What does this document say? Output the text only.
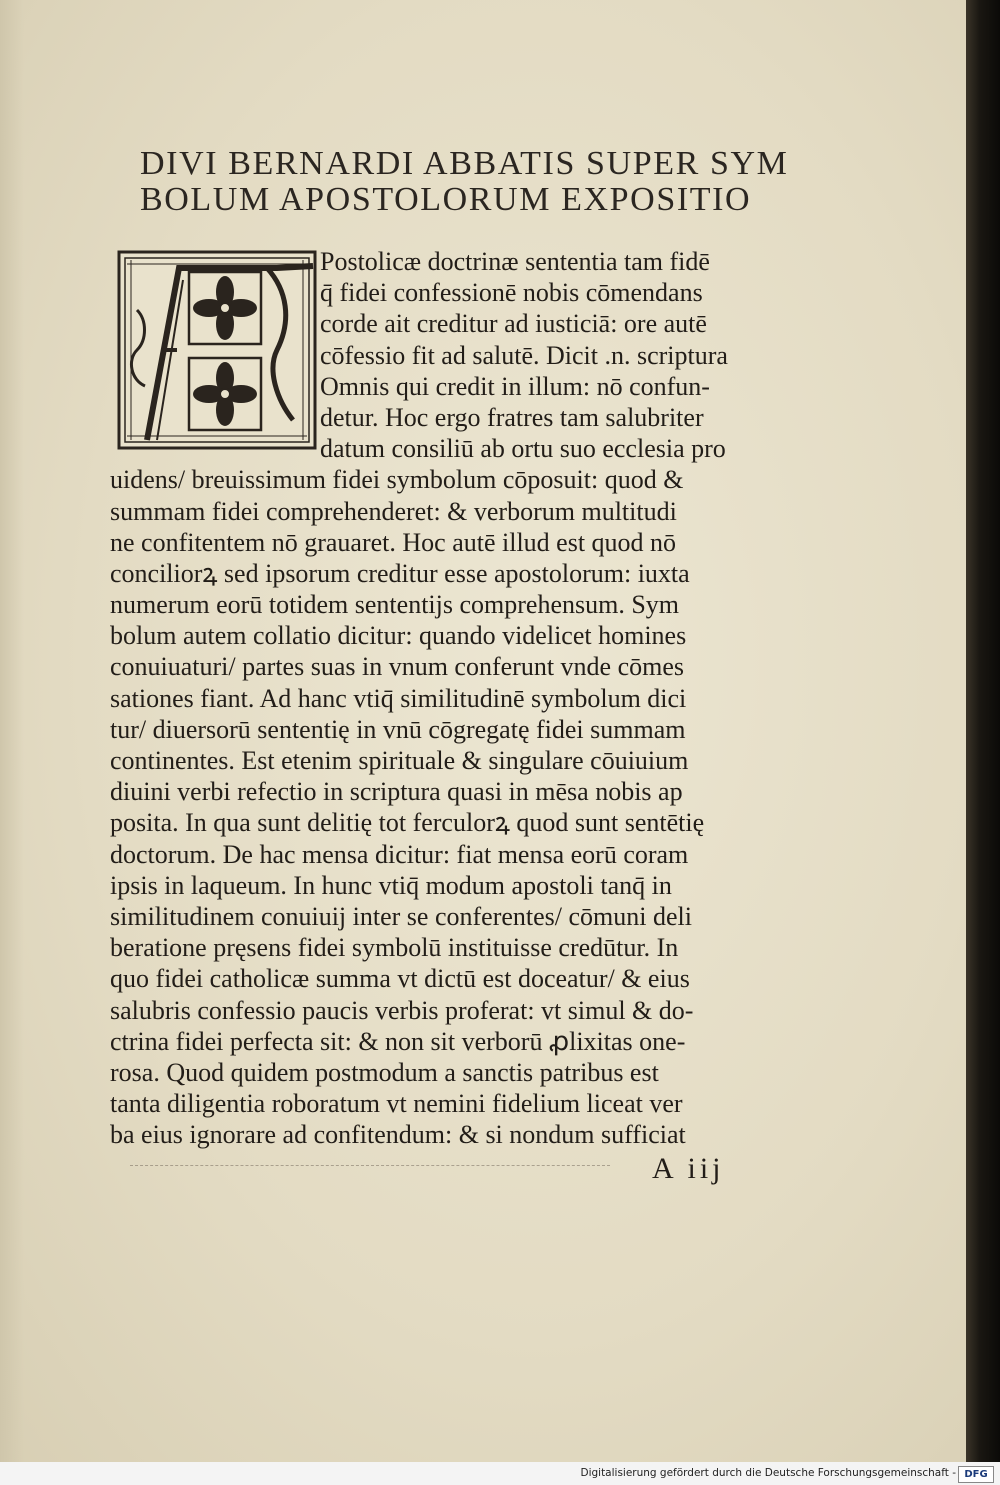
DIVI BERNARDI ABBATIS SUPER SYM
BOLUM APOSTOLORUM EXPOSITIO
Postolicæ doctrinæ sententia tam fidē
q̄ fidei confessionē nobis cōmendans
corde ait creditur ad iusticiā: ore autē
cōfessio fit ad salutē. Dicit .n. scriptura
Omnis qui credit in illum: nō confun-
detur. Hoc ergo fratres tam salubriter
datum consiliū ab ortu suo ecclesia pro
uidens/ breuissimum fidei symbolum cōposuit: quod &
summam fidei comprehenderet: & verborum multitudi
ne confitentem nō grauaret. Hoc autē illud est quod nō
conciliorꝝ sed ipsorum creditur esse apostolorum: iuxta
numerum eorū totidem sententijs comprehensum. Sym
bolum autem collatio dicitur: quando videlicet homines
conuiuaturi/ partes suas in vnum conferunt vnde cōmes
sationes fiant. Ad hanc vtiq̄ similitudinē symbolum dici
tur/ diuersorū sententię in vnū cōgregatę fidei summam
continentes. Est etenim spirituale & singulare cōuiuium
diuini verbi refectio in scriptura quasi in mēsa nobis ap
posita. In qua sunt delitię tot ferculorꝝ quod sunt sentētię
doctorum. De hac mensa dicitur: fiat mensa eorū coram
ipsis in laqueum. In hunc vtiq̄ modum apostoli tanq̄ in
similitudinem conuiuij inter se conferentes/ cōmuni deli
beratione pręsens fidei symbolū instituisse credūtur. In
quo fidei catholicæ summa vt dictū est doceatur/ & eius
salubris confessio paucis verbis proferat: vt simul & do-
ctrina fidei perfecta sit: & non sit verborū ꝓlixitas one-
rosa. Quod quidem postmodum a sanctis patribus est
tanta diligentia roboratum vt nemini fidelium liceat ver
ba eius ignorare ad confitendum: & si nondum sufficiat
A iij
Digitalisierung gefördert durch die Deutsche Forschungsgemeinschaft - DFG
